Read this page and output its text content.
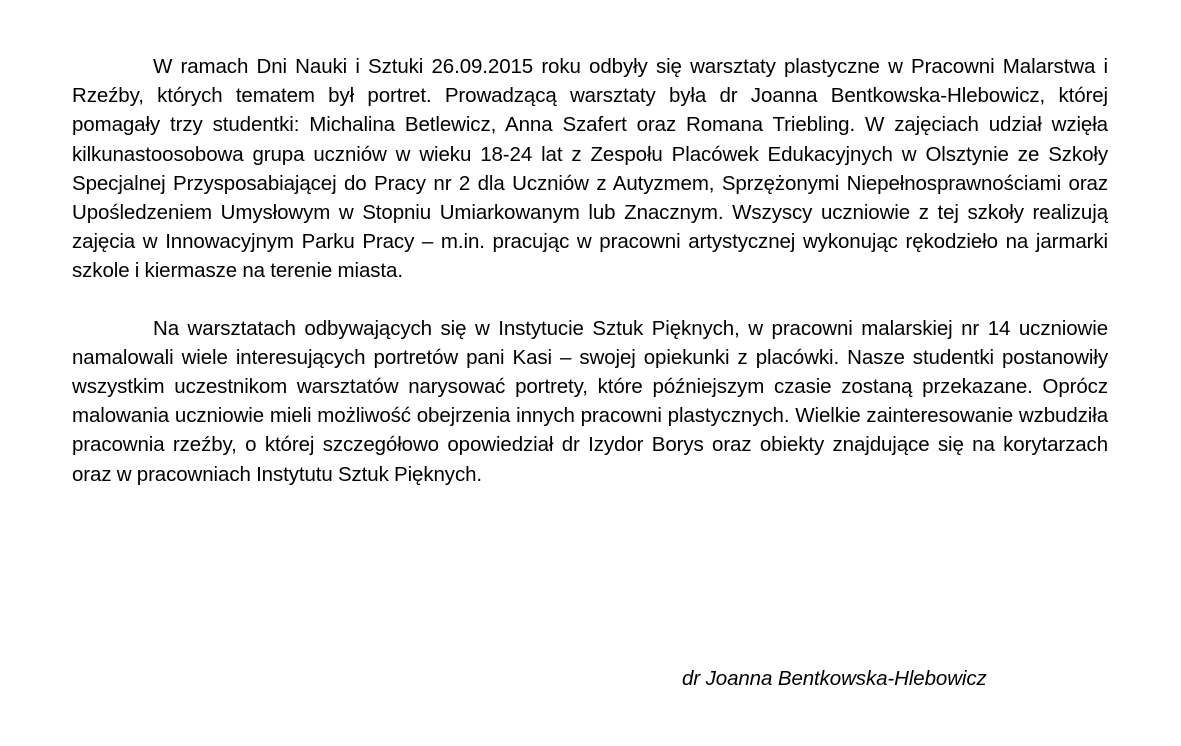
W ramach Dni Nauki i Sztuki 26.09.2015 roku odbyły się warsztaty plastyczne w Pracowni Malarstwa i Rzeźby, których tematem był portret. Prowadzącą warsztaty była dr Joanna Bentkowska-Hlebowicz, której pomagały trzy studentki: Michalina Betlewicz, Anna Szafert oraz Romana Triebling. W zajęciach udział wzięła kilkunastoosobowa grupa uczniów w wieku 18-24 lat z Zespołu Placówek Edukacyjnych w Olsztynie ze Szkoły Specjalnej Przysposabiającej do Pracy nr 2 dla Uczniów z Autyzmem, Sprzężonymi Niepełnosprawnościami oraz Upośledzeniem Umysłowym w Stopniu Umiarkowanym lub Znacznym. Wszyscy uczniowie z tej szkoły realizują zajęcia w Innowacyjnym Parku Pracy – m.in. pracując w pracowni artystycznej wykonując rękodzieło na jarmarki szkole i kiermasze na terenie miasta.

Na warsztatach odbywających się w Instytucie Sztuk Pięknych, w pracowni malarskiej nr 14 uczniowie namalowali wiele interesujących portretów pani Kasi – swojej opiekunki z placówki. Nasze studentki postanowiły wszystkim uczestnikom warsztatów narysować portrety, które późniejszym czasie zostaną przekazane. Oprócz malowania uczniowie mieli możliwość obejrzenia innych pracowni plastycznych. Wielkie zainteresowanie wzbudziła pracownia rzeźby, o której szczegółowo opowiedział dr Izydor Borys oraz obiekty znajdujące się na korytarzach oraz w pracowniach Instytutu Sztuk Pięknych.

dr Joanna Bentkowska-Hlebowicz
